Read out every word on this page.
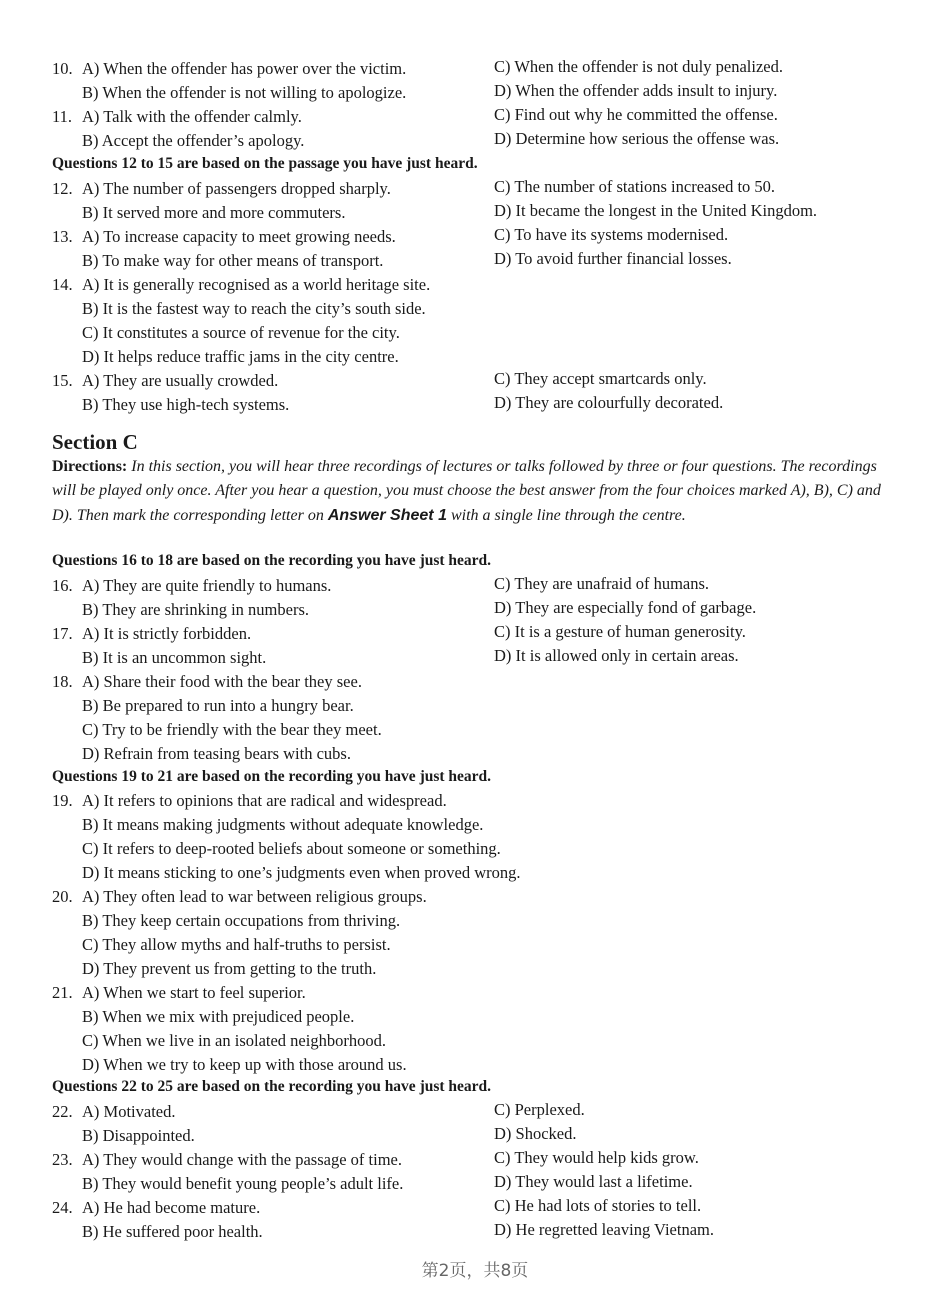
10. A) When the offender has power over the victim.	C) When the offender is not duly penalized.
B) When the offender is not willing to apologize.	D) When the offender adds insult to injury.
11. A) Talk with the offender calmly.	C) Find out why he committed the offense.
B) Accept the offender’s apology.	D) Determine how serious the offense was.
Questions 12 to 15 are based on the passage you have just heard.
12. A) The number of passengers dropped sharply.	C) The number of stations increased to 50.
B) It served more and more commuters.	D) It became the longest in the United Kingdom.
13. A) To increase capacity to meet growing needs.	C) To have its systems modernised.
B) To make way for other means of transport.	D) To avoid further financial losses.
14. A) It is generally recognised as a world heritage site.
B) It is the fastest way to reach the city’s south side.
C) It constitutes a source of revenue for the city.
D) It helps reduce traffic jams in the city centre.
15. A) They are usually crowded.	C) They accept smartcards only.
B) They use high-tech systems.	D) They are colourfully decorated.
Section C
Directions: In this section, you will hear three recordings of lectures or talks followed by three or four questions. The recordings will be played only once. After you hear a question, you must choose the best answer from the four choices marked A), B), C) and D). Then mark the corresponding letter on Answer Sheet 1 with a single line through the centre.
Questions 16 to 18 are based on the recording you have just heard.
16. A) They are quite friendly to humans.	C) They are unafraid of humans.
B) They are shrinking in numbers.	D) They are especially fond of garbage.
17. A) It is strictly forbidden.	C) It is a gesture of human generosity.
B) It is an uncommon sight.	D) It is allowed only in certain areas.
18. A) Share their food with the bear they see.
B) Be prepared to run into a hungry bear.
C) Try to be friendly with the bear they meet.
D) Refrain from teasing bears with cubs.
Questions 19 to 21 are based on the recording you have just heard.
19. A) It refers to opinions that are radical and widespread.
B) It means making judgments without adequate knowledge.
C) It refers to deep-rooted beliefs about someone or something.
D) It means sticking to one’s judgments even when proved wrong.
20. A) They often lead to war between religious groups.
B) They keep certain occupations from thriving.
C) They allow myths and half-truths to persist.
D) They prevent us from getting to the truth.
21. A) When we start to feel superior.
B) When we mix with prejudiced people.
C) When we live in an isolated neighborhood.
D) When we try to keep up with those around us.
Questions 22 to 25 are based on the recording you have just heard.
22. A) Motivated.	C) Perplexed.
B) Disappointed.	D) Shocked.
23. A) They would change with the passage of time.	C) They would help kids grow.
B) They would benefit young people’s adult life.	D) They would last a lifetime.
24. A) He had become mature.	C) He had lots of stories to tell.
B) He suffered poor health.	D) He regretted leaving Vietnam.
第2页，共8页
